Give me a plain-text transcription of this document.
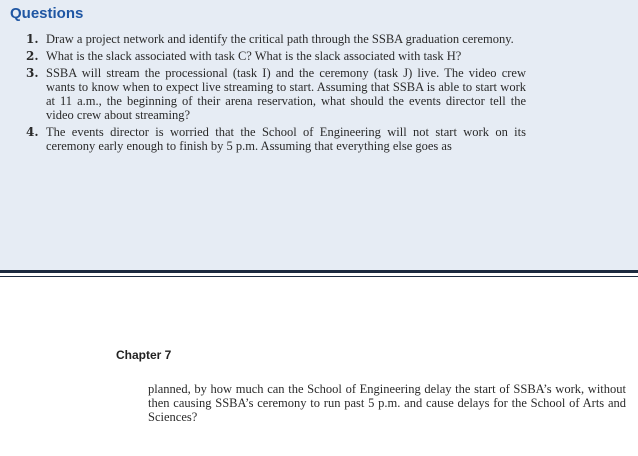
Questions
1. Draw a project network and identify the critical path through the SSBA graduation ceremony.
2. What is the slack associated with task C? What is the slack associated with task H?
3. SSBA will stream the processional (task I) and the ceremony (task J) live. The video crew wants to know when to expect live streaming to start. Assuming that SSBA is able to start work at 11 a.m., the beginning of their arena reservation, what should the events director tell the video crew about streaming?
4. The events director is worried that the School of Engineering will not start work on its ceremony early enough to finish by 5 p.m. Assuming that everything else goes as
Chapter 7

planned, by how much can the School of Engineering delay the start of SSBA’s work, without then causing SSBA’s ceremony to run past 5 p.m. and cause delays for the School of Arts and Sciences?
